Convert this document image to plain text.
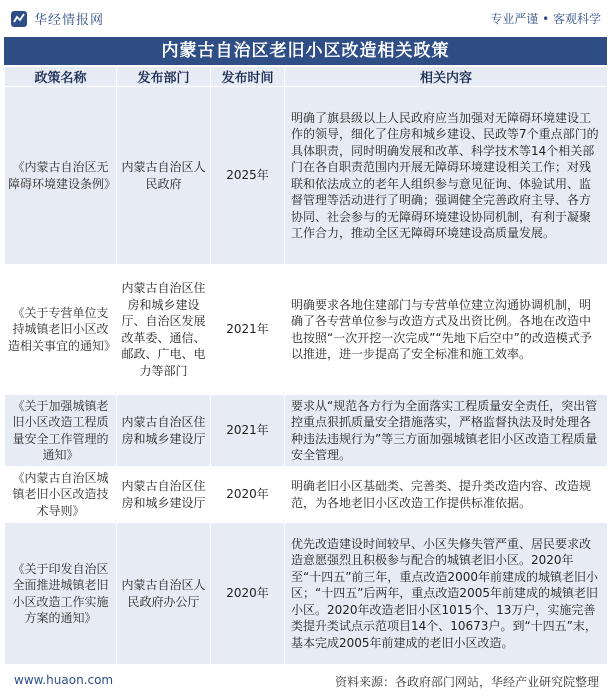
华经情报网	专业严谨 • 客观科学
内蒙古自治区老旧小区改造相关政策
政策名称	发布部门	发布时间	相关内容
《内蒙古自治区无障碍环境建设条例》	内蒙古自治区人民政府	2025年	明确了旗县级以上人民政府应当加强对无障碍环境建设工作的领导，细化了住房和城乡建设、民政等7个重点部门的具体职责，同时明确发展和改革、科学技术等14个相关部门在各自职责范围内开展无障碍环境建设相关工作；对残联和依法成立的老年人组织参与意见征询、体验试用、监督管理等活动进行了明确；强调健全完善政府主导、各方协同、社会参与的无障碍环境建设协同机制，有利于凝聚工作合力，推动全区无障碍环境建设高质量发展。
《关于专营单位支持城镇老旧小区改造相关事宜的通知》	内蒙古自治区住房和城乡建设厅、自治区发展改革委、通信、邮政、广电、电力等部门	2021年	明确要求各地住建部门与专营单位建立沟通协调机制，明确了各专营单位参与改造方式及出资比例。各地在改造中也按照“一次开挖一次完成”“先地下后空中”的改造模式予以推进，进一步提高了安全标准和施工效率。
《关于加强城镇老旧小区改造工程质量安全工作管理的通知》	内蒙古自治区住房和城乡建设厅	2021年	要求从“规范各方行为全面落实工程质量安全责任，突出管控重点狠抓质量安全措施落实，严格监督执法及时处理各种违法违规行为”等三方面加强城镇老旧小区改造工程质量安全管理。
《内蒙古自治区城镇老旧小区改造技术导则》	内蒙古自治区住房和城乡建设厅	2020年	明确老旧小区基础类、完善类、提升类改造内容、改造规范，为各地老旧小区改造工作提供标准依据。
《关于印发自治区全面推进城镇老旧小区改造工作实施方案的通知》	内蒙古自治区人民政府办公厅	2020年	优先改造建设时间较早、小区失修失管严重、居民要求改造意愿强烈且积极参与配合的城镇老旧小区。2020年至“十四五”前三年，重点改造2000年前建成的城镇老旧小区；“十四五”后两年，重点改造2005年前建成的城镇老旧小区。2020年改造老旧小区1015个、13万户，实施完善类提升类试点示范项目14个、10673户。到“十四五”末，基本完成2005年前建成的老旧小区改造。
www.huaon.com	资料来源：各政府部门网站，华经产业研究院整理
